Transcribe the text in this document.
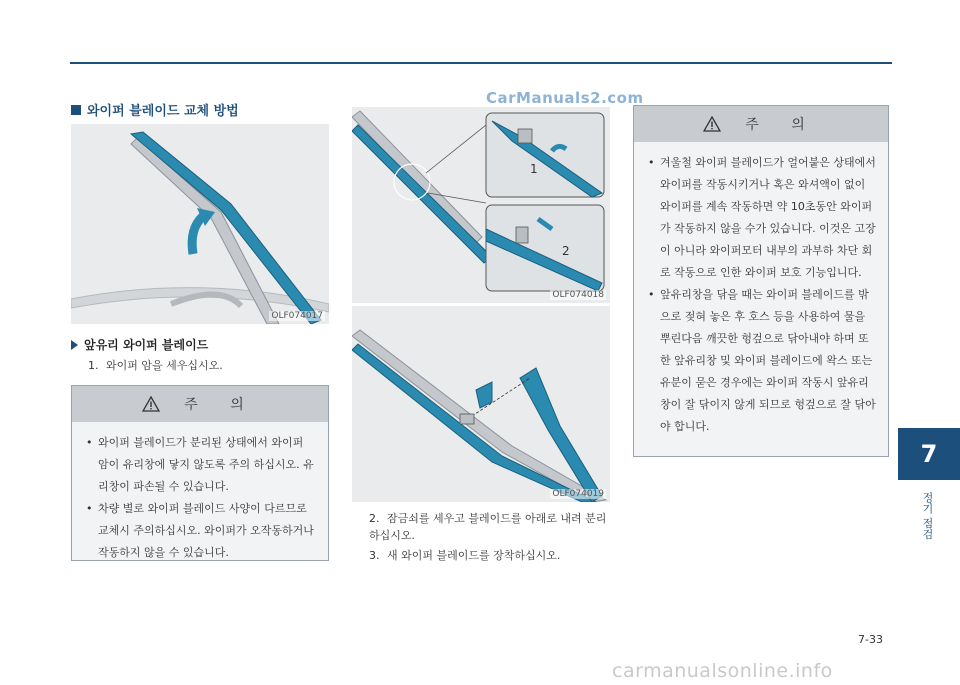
와이퍼 블레이드 교체 방법
OLF074017
앞유리 와이퍼 블레이드
1. 와이퍼 암을 세우십시오.
주 의
• 와이퍼 블레이드가 분리된 상태에서 와이퍼 암이 유리창에 닿지 않도록 주의 하십시오. 유리창이 파손될 수 있습니다.
• 차량 별로 와이퍼 블레이드 사양이 다르므로 교체시 주의하십시오. 와이퍼가 오작동하거나 작동하지 않을 수 있습니다.
1
2
OLF074018
OLF074019
2. 잠금쇠를 세우고 블레이드를 아래로 내려 분리하십시오.
3. 새 와이퍼 블레이드를 장착하십시오.
주 의
• 겨울철 와이퍼 블레이드가 얼어붙은 상태에서 와이퍼를 작동시키거나 혹은 와셔액이 없이 와이퍼를 계속 작동하면 약 10초동안 와이퍼가 작동하지 않을 수가 있습니다. 이것은 고장이 아니라 와이퍼모터 내부의 과부하 차단 회로 작동으로 인한 와이퍼 보호 기능입니다.
• 앞유리창을 닦을 때는 와이퍼 블레이드를 밖으로 젖혀 놓은 후 호스 등을 사용하여 물을 뿌린다음 깨끗한 헝겊으로 닦아내야 하며 또한 앞유리창 및 와이퍼 블레이드에 왁스 또는 유분이 묻은 경우에는 와이퍼 작동시 앞유리창이 잘 닦이지 않게 되므로 헝겊으로 잘 닦아야 합니다.
CarManuals2.com
7
정기 점검
7-33
carmanualsonline.info
